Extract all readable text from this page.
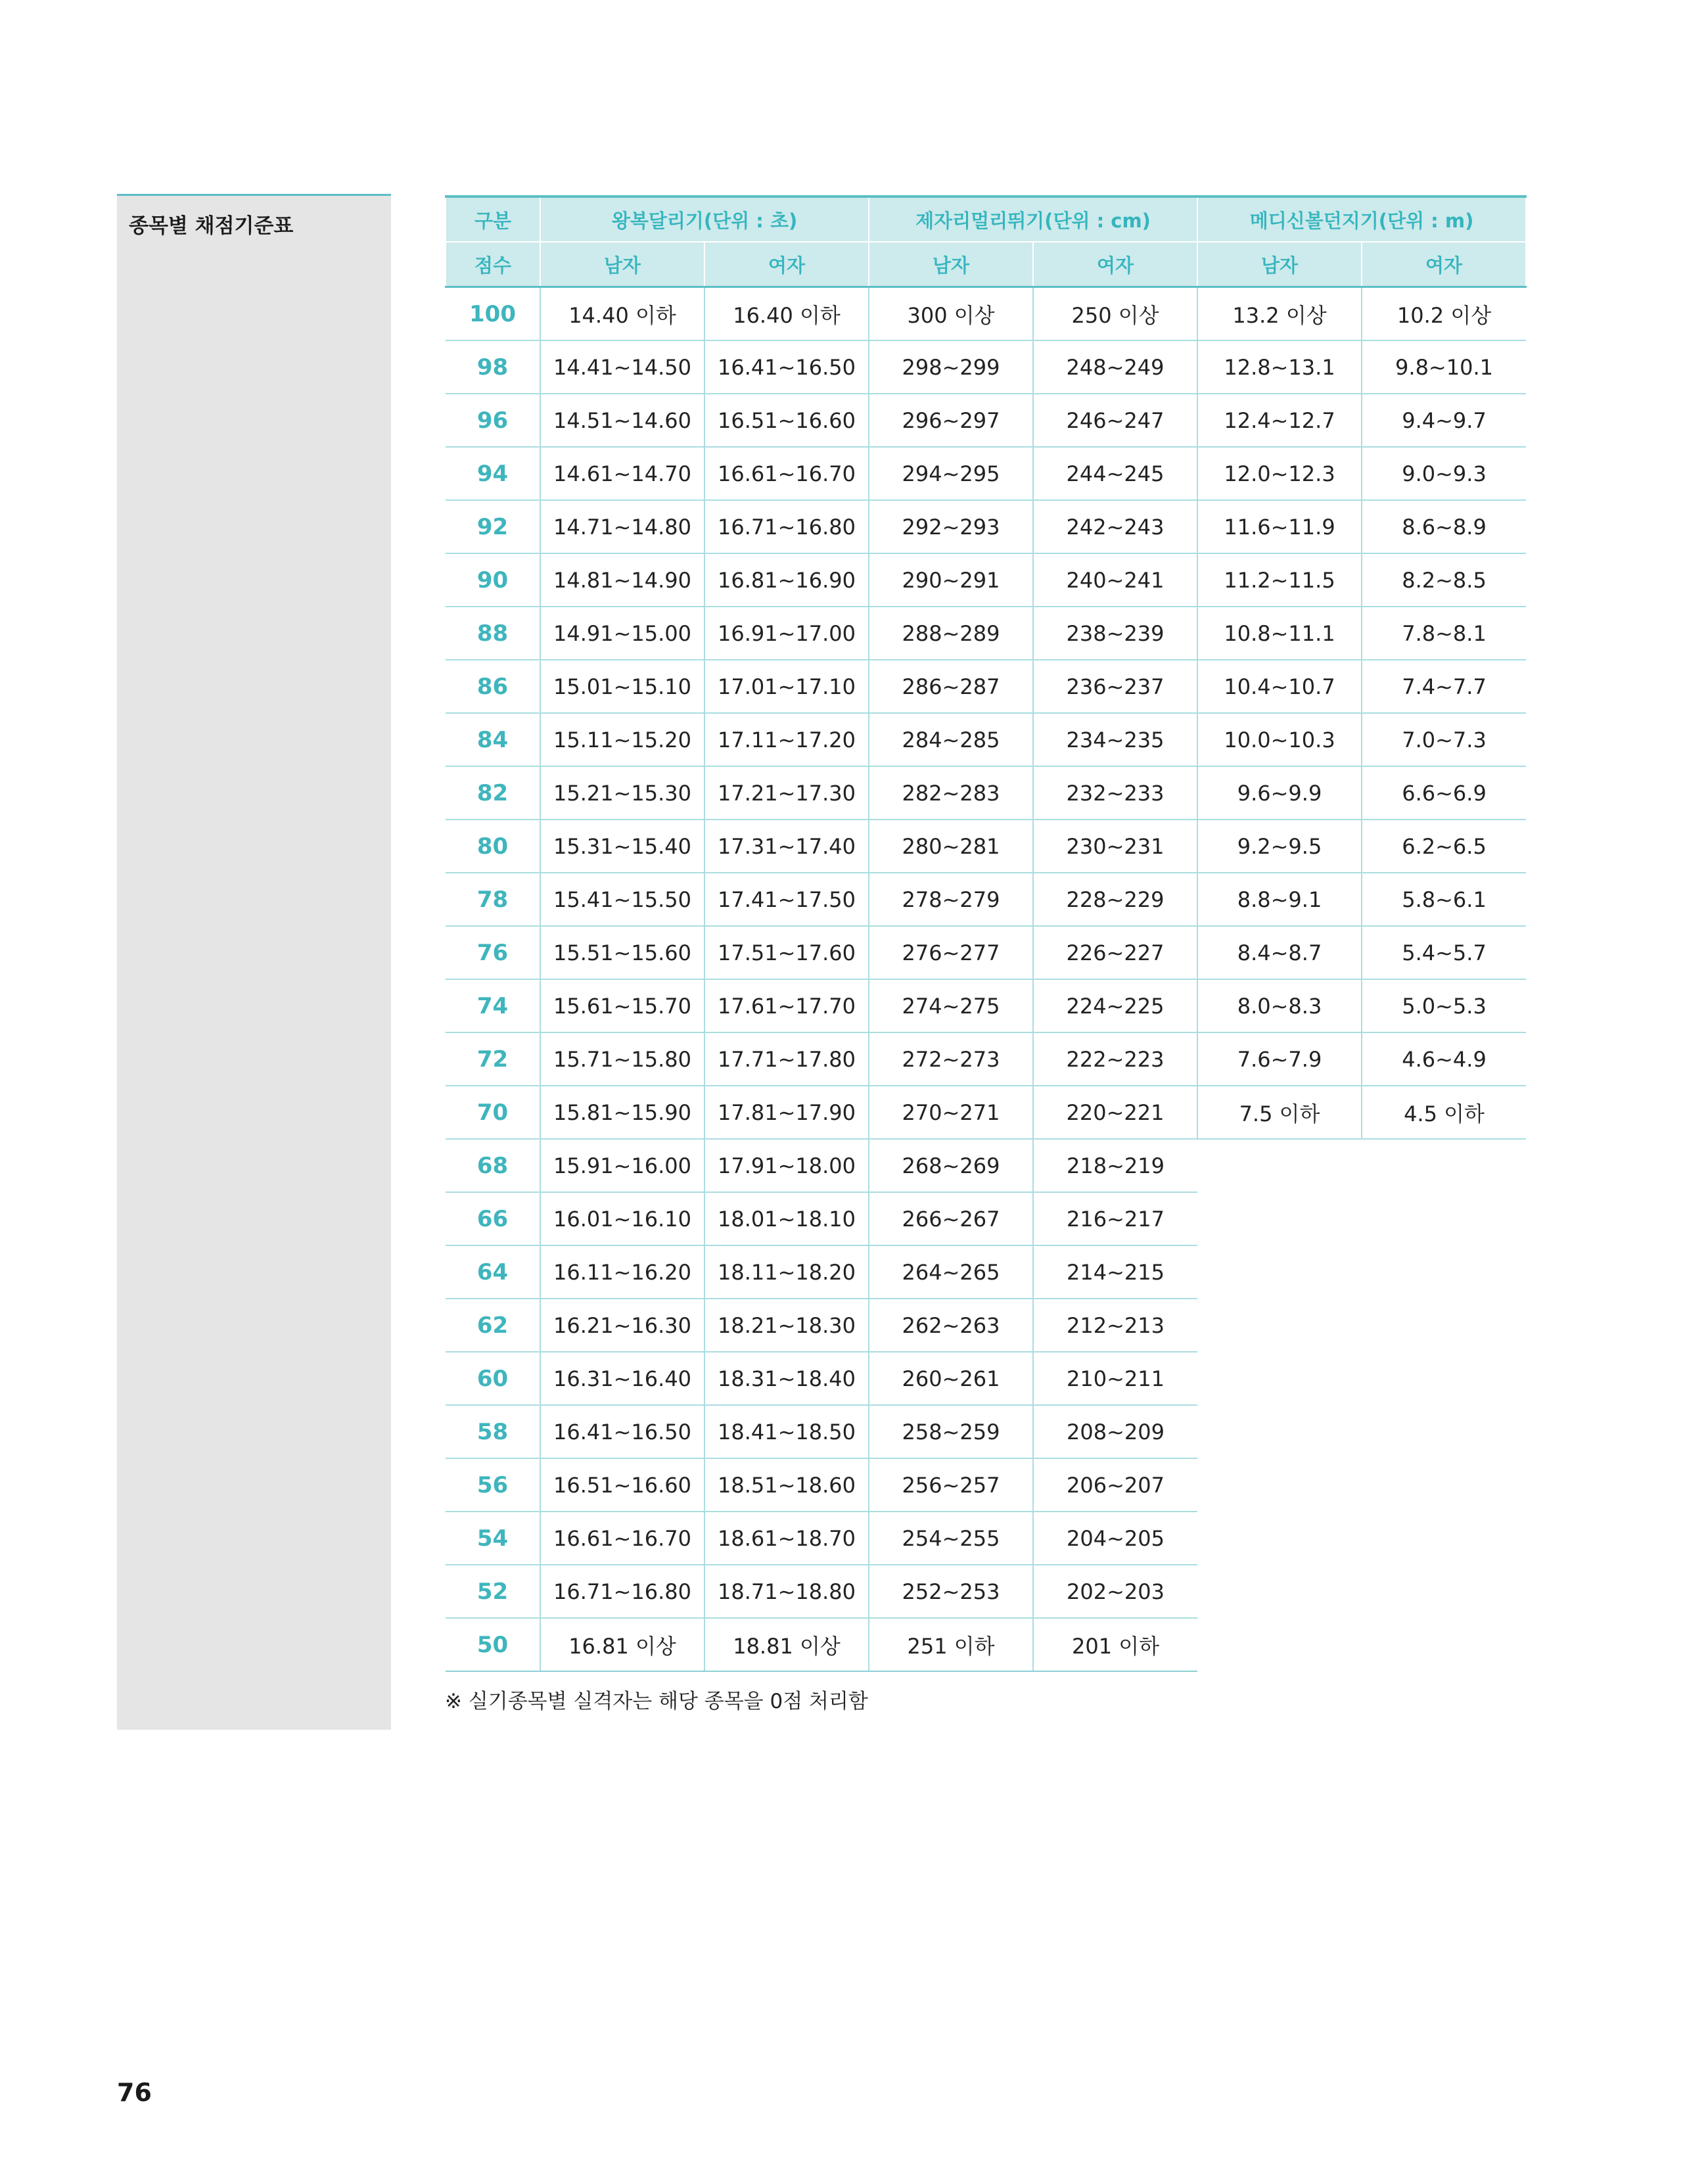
종목별 채점기준표	구분	왕복달리기(단위 : 초)		제자리멀리뛰기(단위 : cm)		메디신볼던지기(단위 : m)	
점수	남자	여자	남자	여자	남자	여자
100	14.40 이하	16.40 이하	300 이상	250 이상	13.2 이상	10.2 이상
98	14.41∼14.50	16.41∼16.50	298∼299	248∼249	12.8∼13.1	9.8∼10.1
96	14.51∼14.60	16.51∼16.60	296∼297	246∼247	12.4∼12.7	9.4∼9.7
94	14.61∼14.70	16.61∼16.70	294∼295	244∼245	12.0∼12.3	9.0∼9.3
92	14.71∼14.80	16.71∼16.80	292∼293	242∼243	11.6∼11.9	8.6∼8.9
90	14.81∼14.90	16.81∼16.90	290∼291	240∼241	11.2∼11.5	8.2∼8.5
88	14.91∼15.00	16.91∼17.00	288∼289	238∼239	10.8∼11.1	7.8∼8.1
86	15.01∼15.10	17.01∼17.10	286∼287	236∼237	10.4∼10.7	7.4∼7.7
84	15.11∼15.20	17.11∼17.20	284∼285	234∼235	10.0∼10.3	7.0∼7.3
82	15.21∼15.30	17.21∼17.30	282∼283	232∼233	9.6∼9.9	6.6∼6.9
80	15.31∼15.40	17.31∼17.40	280∼281	230∼231	9.2∼9.5	6.2∼6.5
78	15.41∼15.50	17.41∼17.50	278∼279	228∼229	8.8∼9.1	5.8∼6.1
76	15.51∼15.60	17.51∼17.60	276∼277	226∼227	8.4∼8.7	5.4∼5.7
74	15.61∼15.70	17.61∼17.70	274∼275	224∼225	8.0∼8.3	5.0∼5.3
72	15.71∼15.80	17.71∼17.80	272∼273	222∼223	7.6∼7.9	4.6∼4.9
70	15.81∼15.90	17.81∼17.90	270∼271	220∼221	7.5 이하	4.5 이하
68	15.91∼16.00	17.91∼18.00	268∼269	218∼219		
66	16.01∼16.10	18.01∼18.10	266∼267	216∼217		
64	16.11∼16.20	18.11∼18.20	264∼265	214∼215		
62	16.21∼16.30	18.21∼18.30	262∼263	212∼213		
60	16.31∼16.40	18.31∼18.40	260∼261	210∼211		
58	16.41∼16.50	18.41∼18.50	258∼259	208∼209		
56	16.51∼16.60	18.51∼18.60	256∼257	206∼207		
54	16.61∼16.70	18.61∼18.70	254∼255	204∼205		
52	16.71∼16.80	18.71∼18.80	252∼253	202∼203		
50	16.81 이상	18.81 이상	251 이하	201 이하		
※ 실기종목별 실격자는 해당 종목을 0점 처리함
76
